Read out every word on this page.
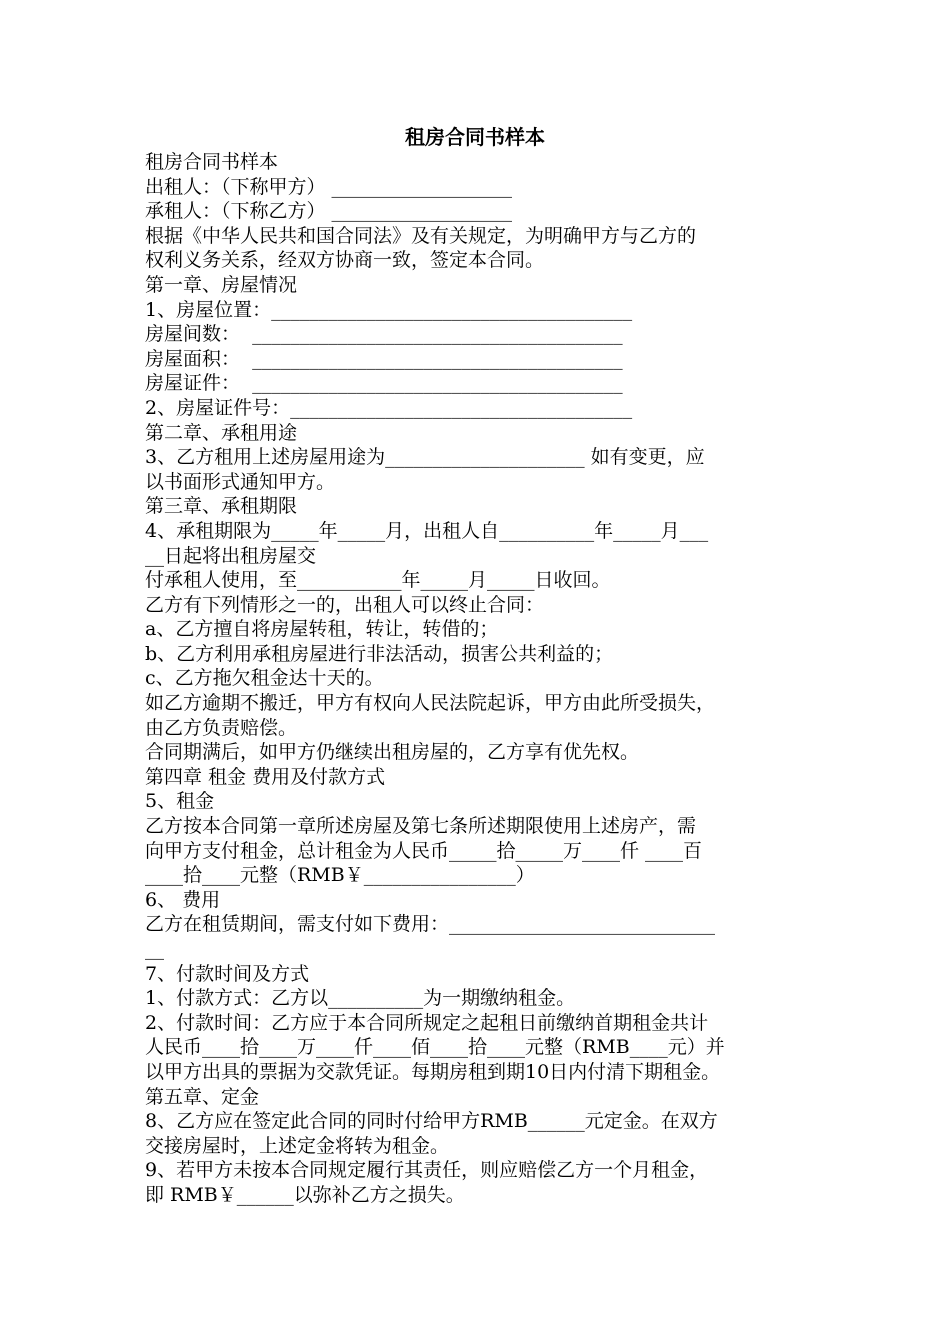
租房合同书样本
租房合同书样本
出租人：（下称甲方） ___________________
承租人：（下称乙方） ___________________
根据《中华人民共和国合同法》及有关规定，为明确甲方与乙方的
权利义务关系，经双方协商一致，签定本合同。
第一章、房屋情况
1、房屋位置：______________________________________
房屋间数：  _______________________________________
房屋面积：  _______________________________________
房屋证件：  _______________________________________
2、房屋证件号：____________________________________
第二章、承租用途
3、乙方租用上述房屋用途为_____________________ 如有变更，应
以书面形式通知甲方。
第三章、承租期限
4、承租期限为_____年_____月，出租人自__________年_____月___
__日起将出租房屋交
付承租人使用，至___________年_____月_____日收回。
乙方有下列情形之一的，出租人可以终止合同：
a、乙方擅自将房屋转租，转让，转借的；
b、乙方利用承租房屋进行非法活动，损害公共利益的；
c、乙方拖欠租金达十天的。
如乙方逾期不搬迁，甲方有权向人民法院起诉，甲方由此所受损失，
由乙方负责赔偿。
合同期满后，如甲方仍继续出租房屋的，乙方享有优先权。
第四章 租金 费用及付款方式
5、租金
乙方按本合同第一章所述房屋及第七条所述期限使用上述房产，需
向甲方支付租金，总计租金为人民币_____拾_____万____仟 ____百
____拾____元整（RMB￥________________）
6、 费用
乙方在租赁期间，需支付如下费用：____________________________
__
7、付款时间及方式
1、付款方式：乙方以__________为一期缴纳租金。
2、付款时间：乙方应于本合同所规定之起租日前缴纳首期租金共计
人民币____拾____万____仟____佰____拾____元整（RMB____元）并
以甲方出具的票据为交款凭证。每期房租到期10日内付清下期租金。
第五章、定金
8、乙方应在签定此合同的同时付给甲方RMB______元定金。在双方
交接房屋时，上述定金将转为租金。
9、若甲方未按本合同规定履行其责任，则应赔偿乙方一个月租金，
即 RMB￥______以弥补乙方之损失。
